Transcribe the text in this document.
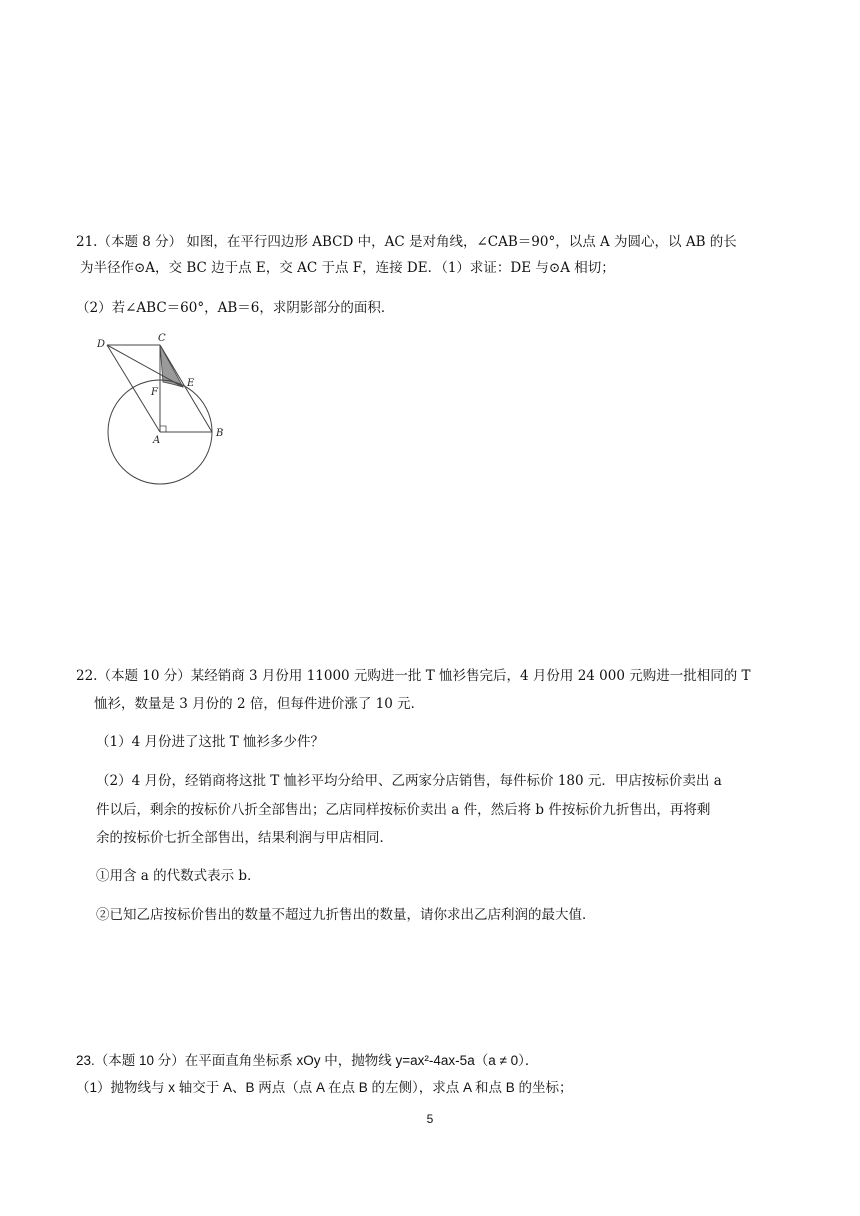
21.（本题 8 分） 如图，在平行四边形 ABCD 中，AC 是对角线，∠CAB＝90°，以点 A 为圆心，以 AB 的长
为半径作⊙A，交 BC 边于点 E，交 AC 于点 F，连接 DE．（1）求证：DE 与⊙A 相切；
（2）若∠ABC＝60°，AB＝6，求阴影部分的面积．
D
C
E
F
A
B
22.（本题 10 分）某经销商 3 月份用 11000 元购进一批 T 恤衫售完后，4 月份用 24 000 元购进一批相同的 T
恤衫，数量是 3 月份的 2 倍，但每件进价涨了 10 元．
（1）4 月份进了这批 T 恤衫多少件？
（2）4 月份，经销商将这批 T 恤衫平均分给甲、乙两家分店销售，每件标价 180 元．甲店按标价卖出 a
件以后，剩余的按标价八折全部售出；乙店同样按标价卖出 a 件，然后将 b 件按标价九折售出，再将剩
余的按标价七折全部售出，结果利润与甲店相同．
①用含 a 的代数式表示 b．
②已知乙店按标价售出的数量不超过九折售出的数量，请你求出乙店利润的最大值．
23.（本题 10 分）在平面直角坐标系 xOy 中，抛物线 y=ax²-4ax-5a（a ≠ 0）．
（1）抛物线与 x 轴交于 A、B 两点（点 A 在点 B 的左侧），求点 A 和点 B 的坐标；
5
